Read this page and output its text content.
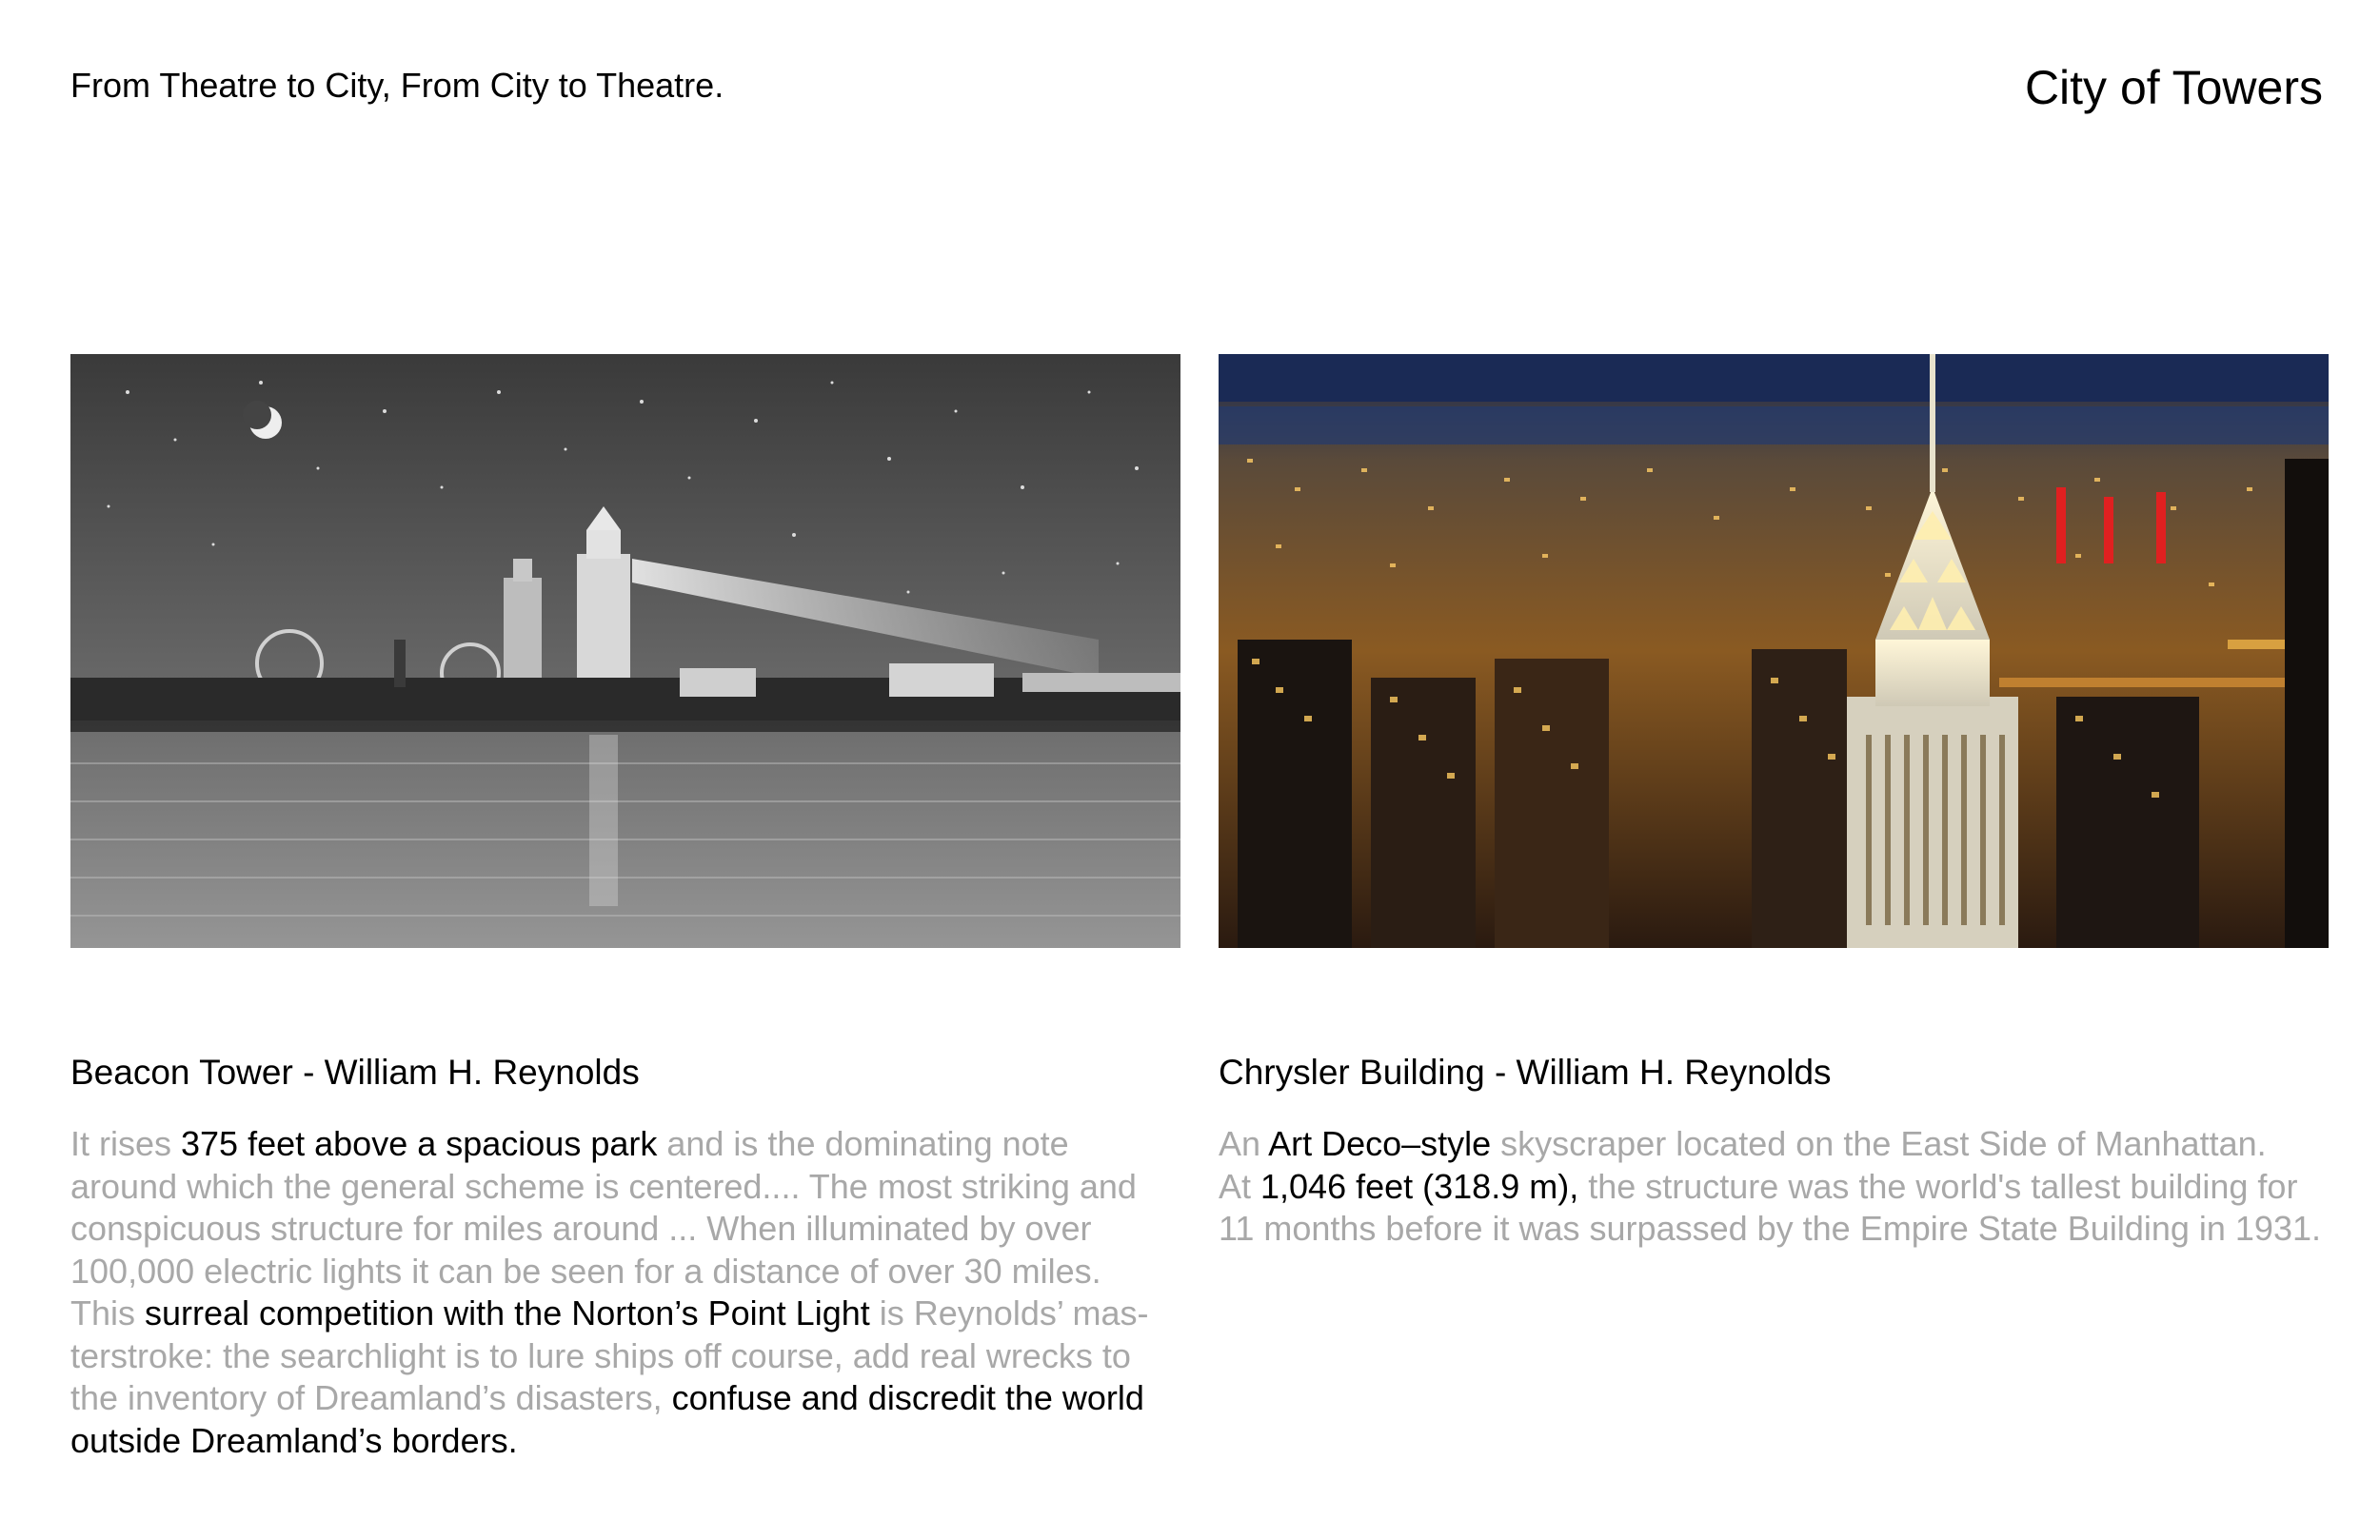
From Theatre to City, From City to Theatre.	City of Towers
Beacon Tower - William H. Reynolds
It rises 375 feet above a spacious park and is the dominating note
around which the general scheme is centered.... The most striking and
conspicuous structure for miles around ... When illuminated by over
100,000 electric lights it can be seen for a distance of over 30 miles.
This surreal competition with the Norton’s Point Light is Reynolds’ mas-
terstroke: the searchlight is to lure ships off course, add real wrecks to
the inventory of Dreamland’s disasters, confuse and discredit the world
outside Dreamland’s borders.
Chrysler Building - William H. Reynolds
An Art Deco–style skyscraper located on the East Side of Manhattan.
At 1,046 feet (318.9 m), the structure was the world's tallest building for
11 months before it was surpassed by the Empire State Building in 1931.
